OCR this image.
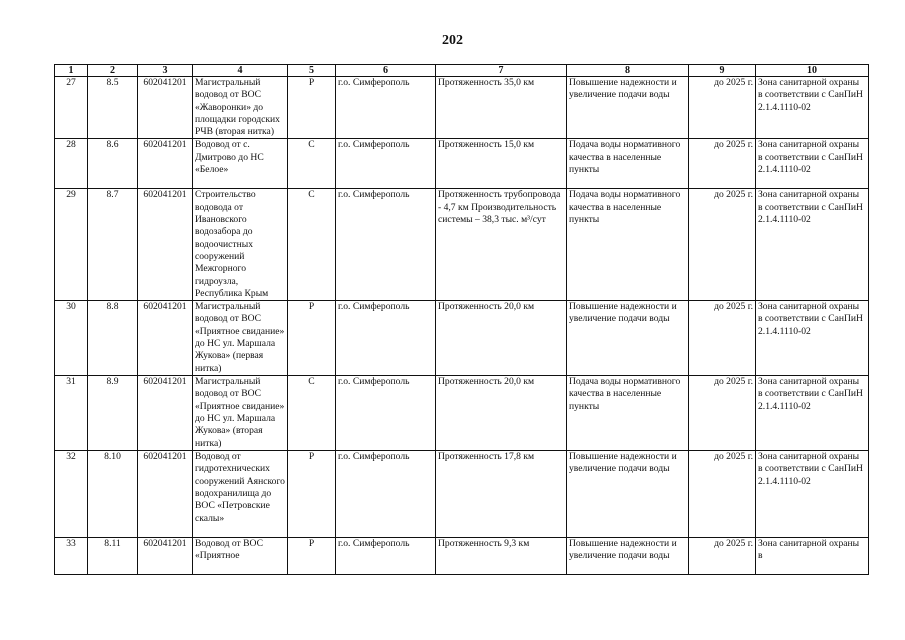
202
1	2	3	4	5	6	7	8	9	10
27	8.5	602041201	Магистральный водовод от ВОС «Жаворонки» до площадки городских РЧВ (вторая нитка)	Р	г.о. Симферополь	Протяженность 35,0 км	Повышение надежности и увеличение подачи воды	до 2025 г.	Зона санитарной охраны в соответствии с СанПиН 2.1.4.1110-02
28	8.6	602041201	Водовод от с. Дмитрово до НС «Белое»	С	г.о. Симферополь	Протяженность 15,0 км	Подача воды нормативного качества в населенные пункты	до 2025 г.	Зона санитарной охраны в соответствии с СанПиН 2.1.4.1110-02
29	8.7	602041201	Строительство водовода от Ивановского водозабора до водоочистных сооружений Межгорного гидроузла, Республика Крым	С	г.о. Симферополь	Протяженность трубопровода - 4,7 км Производительность системы – 38,3 тыс. м³/сут	Подача воды нормативного качества в населенные пункты	до 2025 г.	Зона санитарной охраны в соответствии с СанПиН 2.1.4.1110-02
30	8.8	602041201	Магистральный водовод от ВОС «Приятное свидание» до НС ул. Маршала Жукова» (первая нитка)	Р	г.о. Симферополь	Протяженность 20,0 км	Повышение надежности и увеличение подачи воды	до 2025 г.	Зона санитарной охраны в соответствии с СанПиН 2.1.4.1110-02
31	8.9	602041201	Магистральный водовод от ВОС «Приятное свидание» до НС ул. Маршала Жукова» (вторая нитка)	С	г.о. Симферополь	Протяженность 20,0 км	Подача воды нормативного качества в населенные пункты	до 2025 г.	Зона санитарной охраны в соответствии с СанПиН 2.1.4.1110-02
32	8.10	602041201	Водовод от гидротехнических сооружений Аянского водохранилища до ВОС «Петровские скалы»	Р	г.о. Симферополь	Протяженность 17,8 км	Повышение надежности и увеличение подачи воды	до 2025 г.	Зона санитарной охраны в соответствии с СанПиН 2.1.4.1110-02
33	8.11	602041201	Водовод от ВОС «Приятное	Р	г.о. Симферополь	Протяженность 9,3 км	Повышение надежности и увеличение подачи воды	до 2025 г.	Зона санитарной охраны в
